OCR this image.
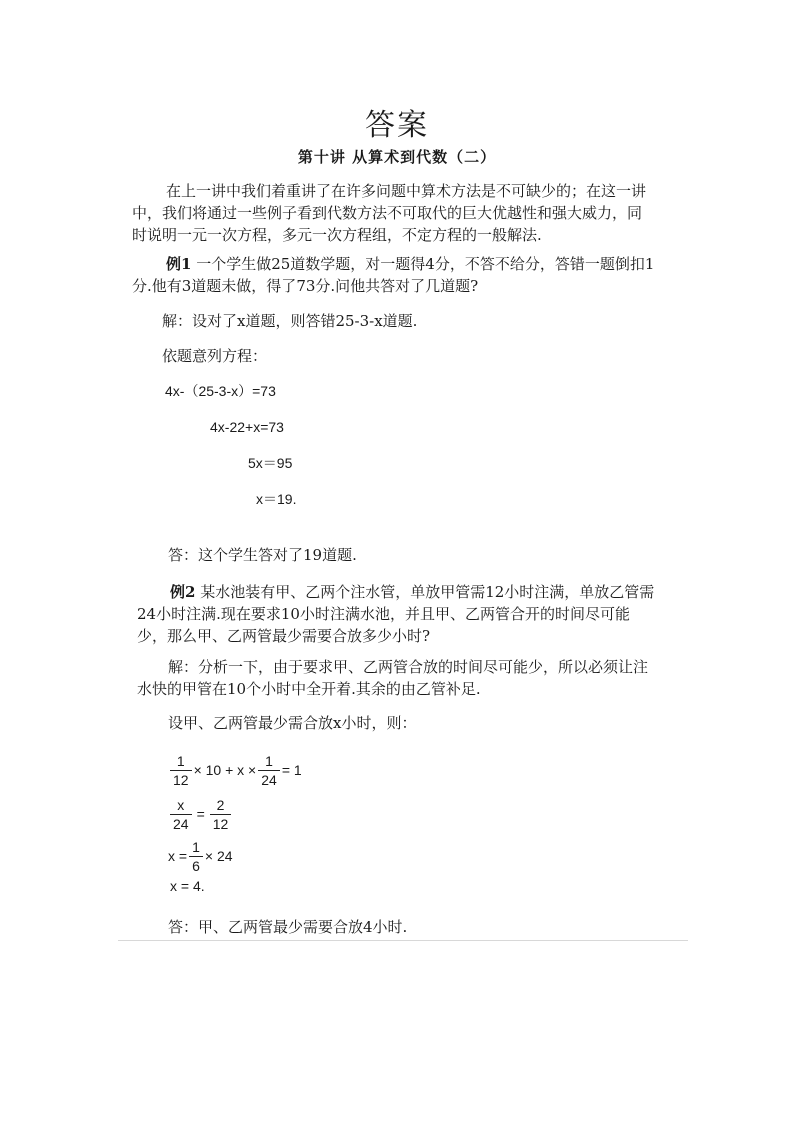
答案
第十讲 从算术到代数（二）
在上一讲中我们着重讲了在许多问题中算术方法是不可缺少的；在这一讲
中，我们将通过一些例子看到代数方法不可取代的巨大优越性和强大威力，同
时说明一元一次方程，多元一次方程组，不定方程的一般解法.
例1 一个学生做25道数学题，对一题得4分，不答不给分，答错一题倒扣1
分.他有3道题未做，得了73分.问他共答对了几道题?
解：设对了x道题，则答错25-3-x道题.
依题意列方程：
4x-（25-3-x）=73
4x-22+x=73
5x＝95
x＝19.
答：这个学生答对了19道题.
例2 某水池装有甲、乙两个注水管，单放甲管需12小时注满，单放乙管需
24小时注满.现在要求10小时注满水池，并且甲、乙两管合开的时间尽可能
少，那么甲、乙两管最少需要合放多少小时?
解：分析一下，由于要求甲、乙两管合放的时间尽可能少，所以必须让注
水快的甲管在10个小时中全开着.其余的由乙管补足.
设甲、乙两管最少需合放x小时，则：
$\frac{1}{12} \times 10 + x \times \frac{1}{24} = 1$
$\frac{x}{24} = \frac{2}{12}$
$x = \frac{1}{6} \times 24$
x = 4.
答：甲、乙两管最少需要合放4小时.
